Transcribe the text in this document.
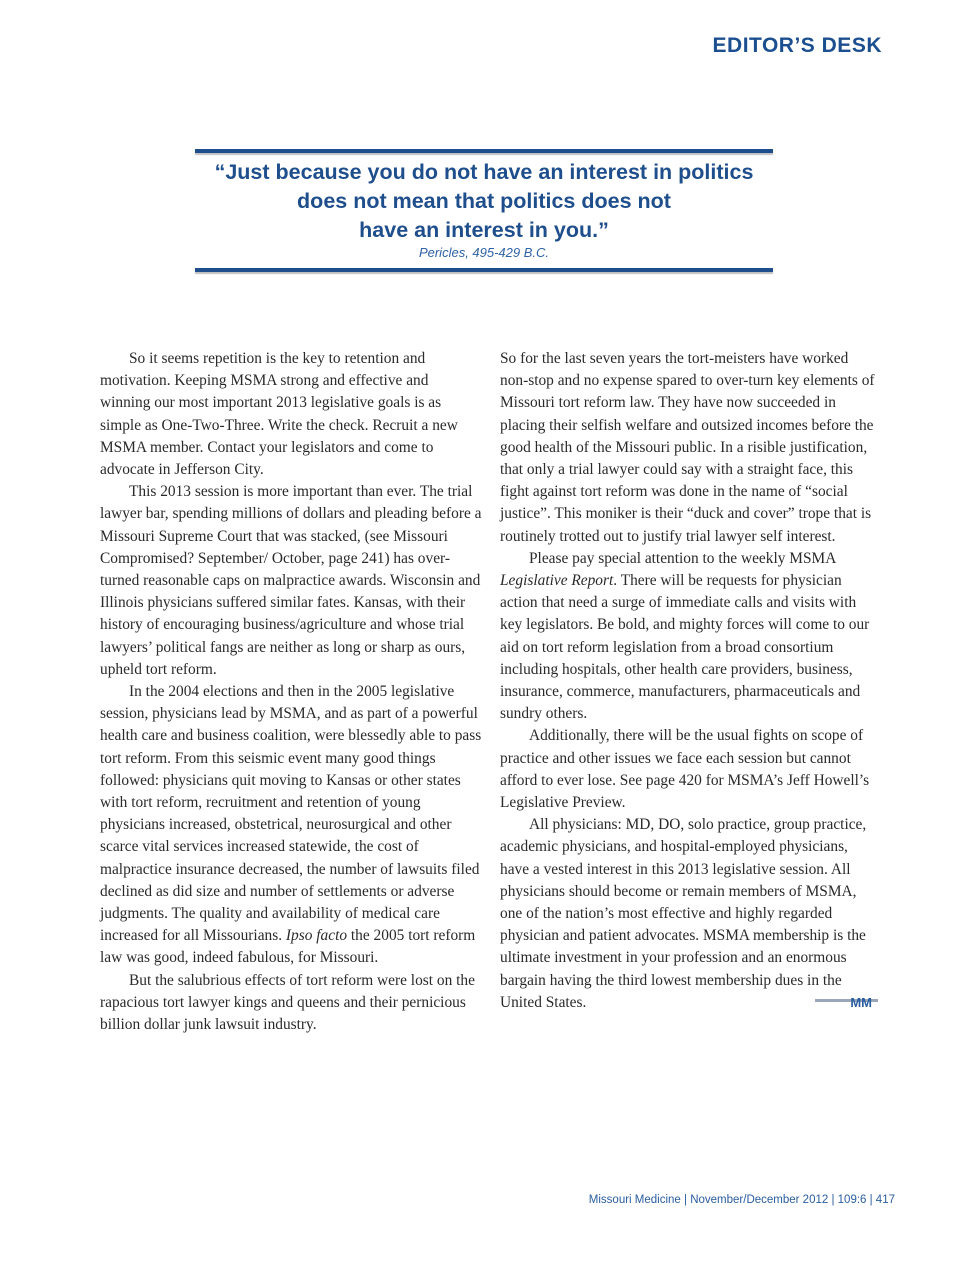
EDITOR’S DESK
“Just because you do not have an interest in politics
does not mean that politics does not
have an interest in you.”
Pericles, 495-429 B.C.

So it seems repetition is the key to retention and motivation. Keeping MSMA strong and effective and winning our most important 2013 legislative goals is as simple as One-Two-Three. Write the check. Recruit a new MSMA member. Contact your legislators and come to advocate in Jefferson City.

This 2013 session is more important than ever. The trial lawyer bar, spending millions of dollars and pleading before a Missouri Supreme Court that was stacked, (see Missouri Compromised? September/ October, page 241) has over-turned reasonable caps on malpractice awards. Wisconsin and Illinois physicians suffered similar fates. Kansas, with their history of encouraging business/agriculture and whose trial lawyers’ political fangs are neither as long or sharp as ours, upheld tort reform.

In the 2004 elections and then in the 2005 legislative session, physicians lead by MSMA, and as part of a powerful health care and business coalition, were blessedly able to pass tort reform. From this seismic event many good things followed: physicians quit moving to Kansas or other states with tort reform, recruitment and retention of young physicians increased, obstetrical, neurosurgical and other scarce vital services increased statewide, the cost of malpractice insurance decreased, the number of lawsuits filed declined as did size and number of settlements or adverse judgments. The quality and availability of medical care increased for all Missourians. Ipso facto the 2005 tort reform law was good, indeed fabulous, for Missouri.

But the salubrious effects of tort reform were lost on the rapacious tort lawyer kings and queens and their pernicious billion dollar junk lawsuit industry.

So for the last seven years the tort-meisters have worked non-stop and no expense spared to over-turn key elements of Missouri tort reform law. They have now succeeded in placing their selfish welfare and outsized incomes before the good health of the Missouri public. In a risible justification, that only a trial lawyer could say with a straight face, this fight against tort reform was done in the name of “social justice”. This moniker is their “duck and cover” trope that is routinely trotted out to justify trial lawyer self interest.

Please pay special attention to the weekly MSMA Legislative Report. There will be requests for physician action that need a surge of immediate calls and visits with key legislators. Be bold, and mighty forces will come to our aid on tort reform legislation from a broad consortium including hospitals, other health care providers, business, insurance, commerce, manufacturers, pharmaceuticals and sundry others.

Additionally, there will be the usual fights on scope of practice and other issues we face each session but cannot afford to ever lose. See page 420 for MSMA’s Jeff Howell’s Legislative Preview.

All physicians: MD, DO, solo practice, group practice, academic physicians, and hospital-employed physicians, have a vested interest in this 2013 legislative session. All physicians should become or remain members of MSMA, one of the nation’s most effective and highly regarded physician and patient advocates. MSMA membership is the ultimate investment in your profession and an enormous bargain having the third lowest membership dues in the United States.	MM

Missouri Medicine | November/December 2012 | 109:6 | 417
